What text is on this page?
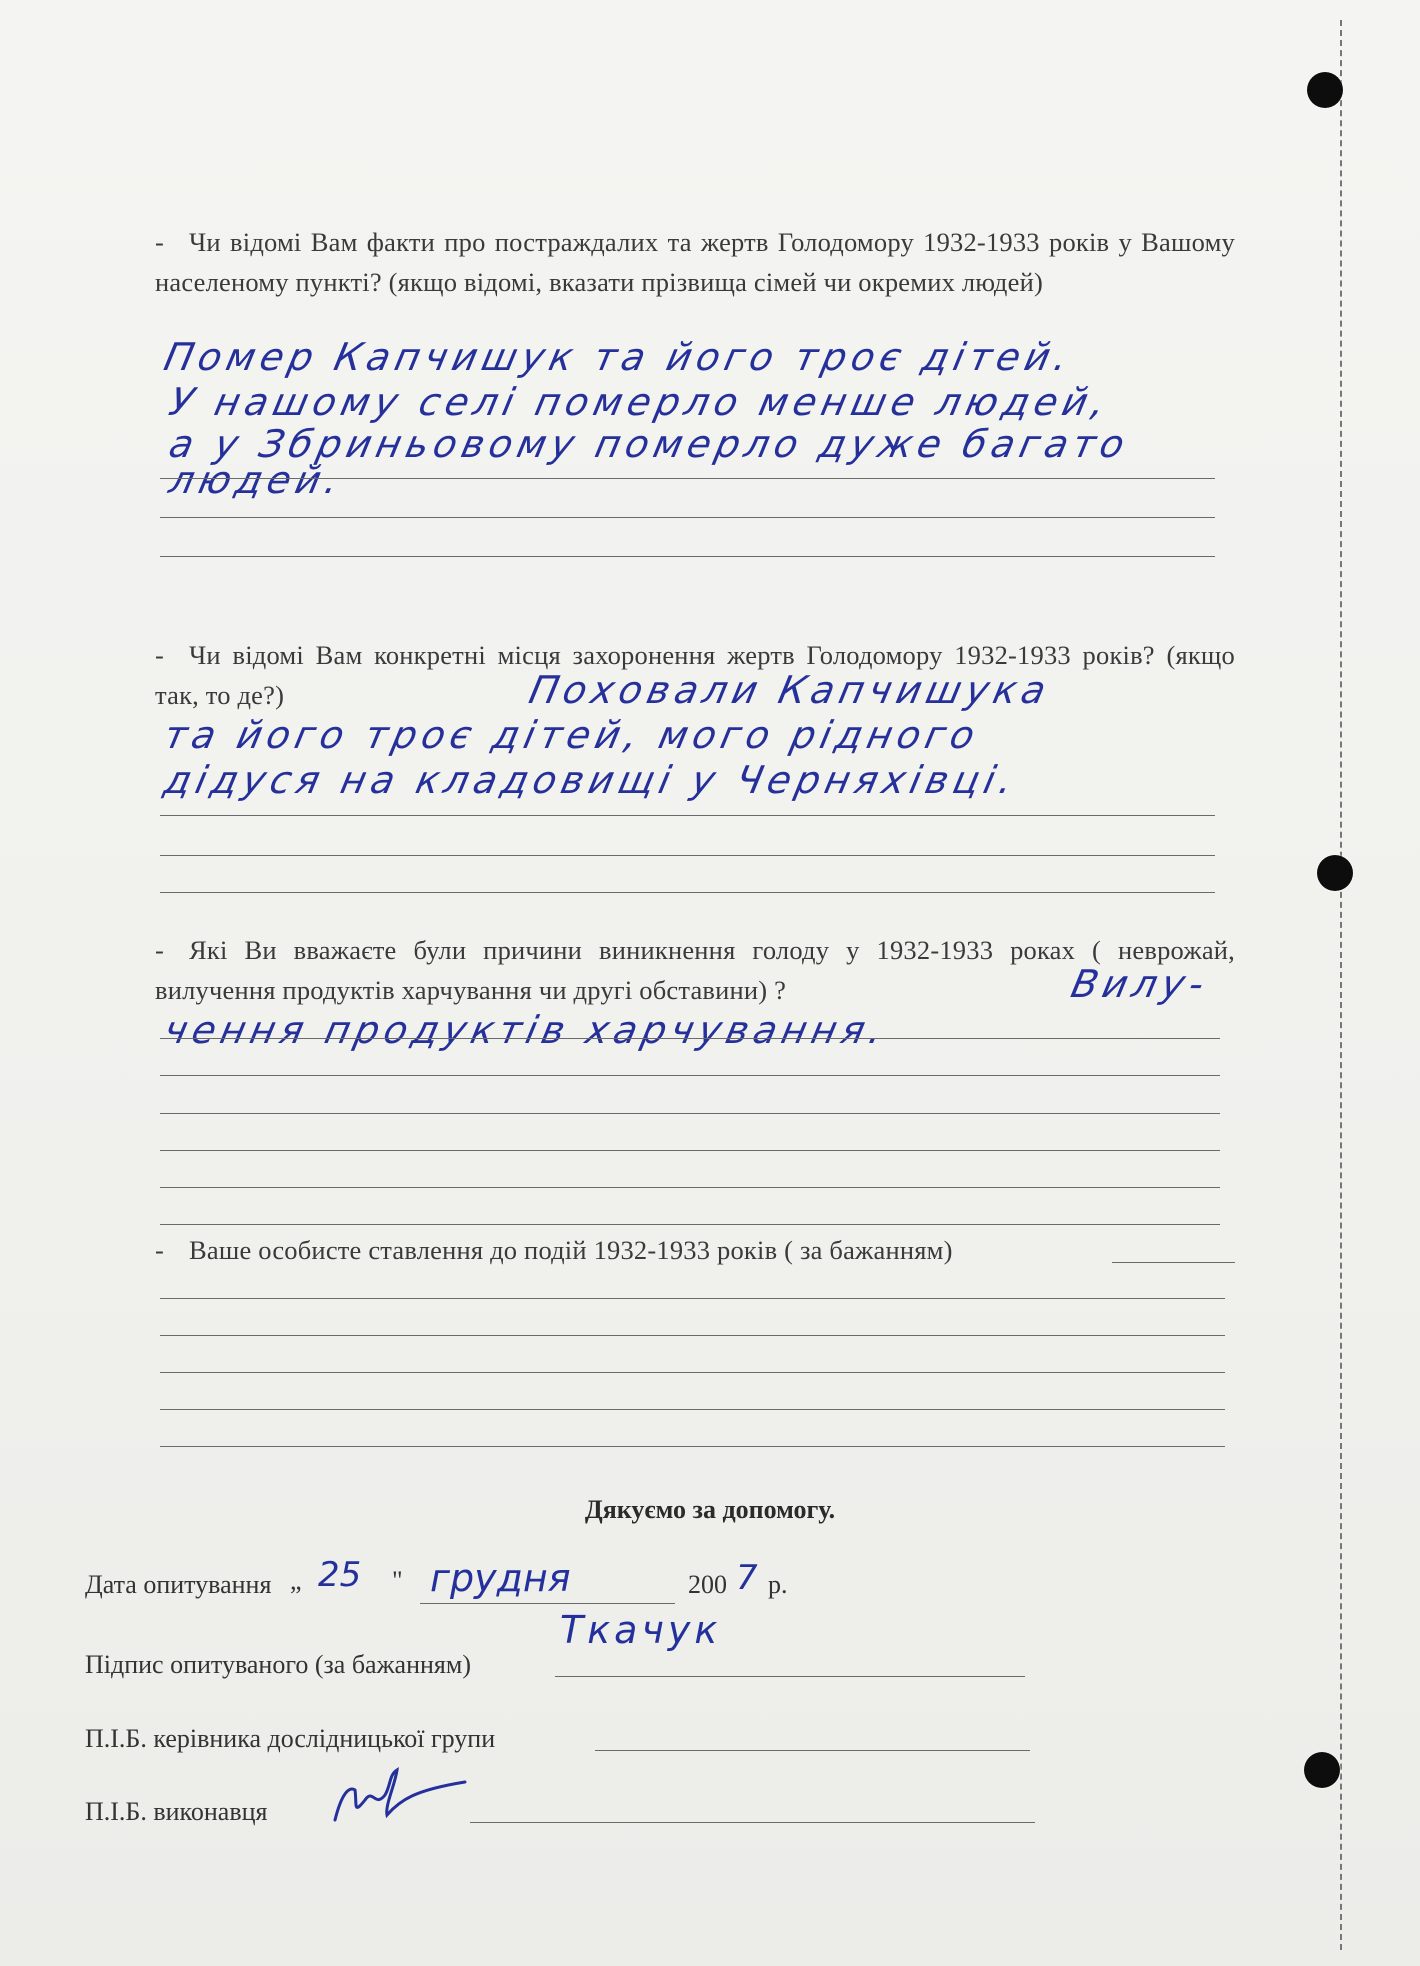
- Чи відомі Вам факти про постраждалих та жертв Голодомору 1932-1933 років у Вашому населеному пункті? (якщо відомі, вказати прізвища сімей чи окремих людей)

Помер Капчишук та його троє дітей.
У нашому селі померло менше людей,
а у Збриньовому померло дуже багато
людей.

- Чи відомі Вам конкретні місця захоронення жертв Голодомору 1932-1933 років? (якщо так, то де?)	Поховали Капчишука
та його троє дітей, мого рідного
дідуся на кладовищі у Черняхівці.

- Які Ви вважаєте були причини виникнення голоду у 1932-1933 роках ( неврожай, вилучення продуктів харчування чи другі обставини) ?	Вилу-
чення продуктів харчування.

- Ваше особисте ставлення до подій 1932-1933 років ( за бажанням)

Дякуємо за допомогу.
Дата опитування „ 25 " грудня	200 7 р.
Підпис опитуваного (за бажанням)
Ткачук
П.І.Б. керівника дослідницької групи
П.І.Б. виконавця
